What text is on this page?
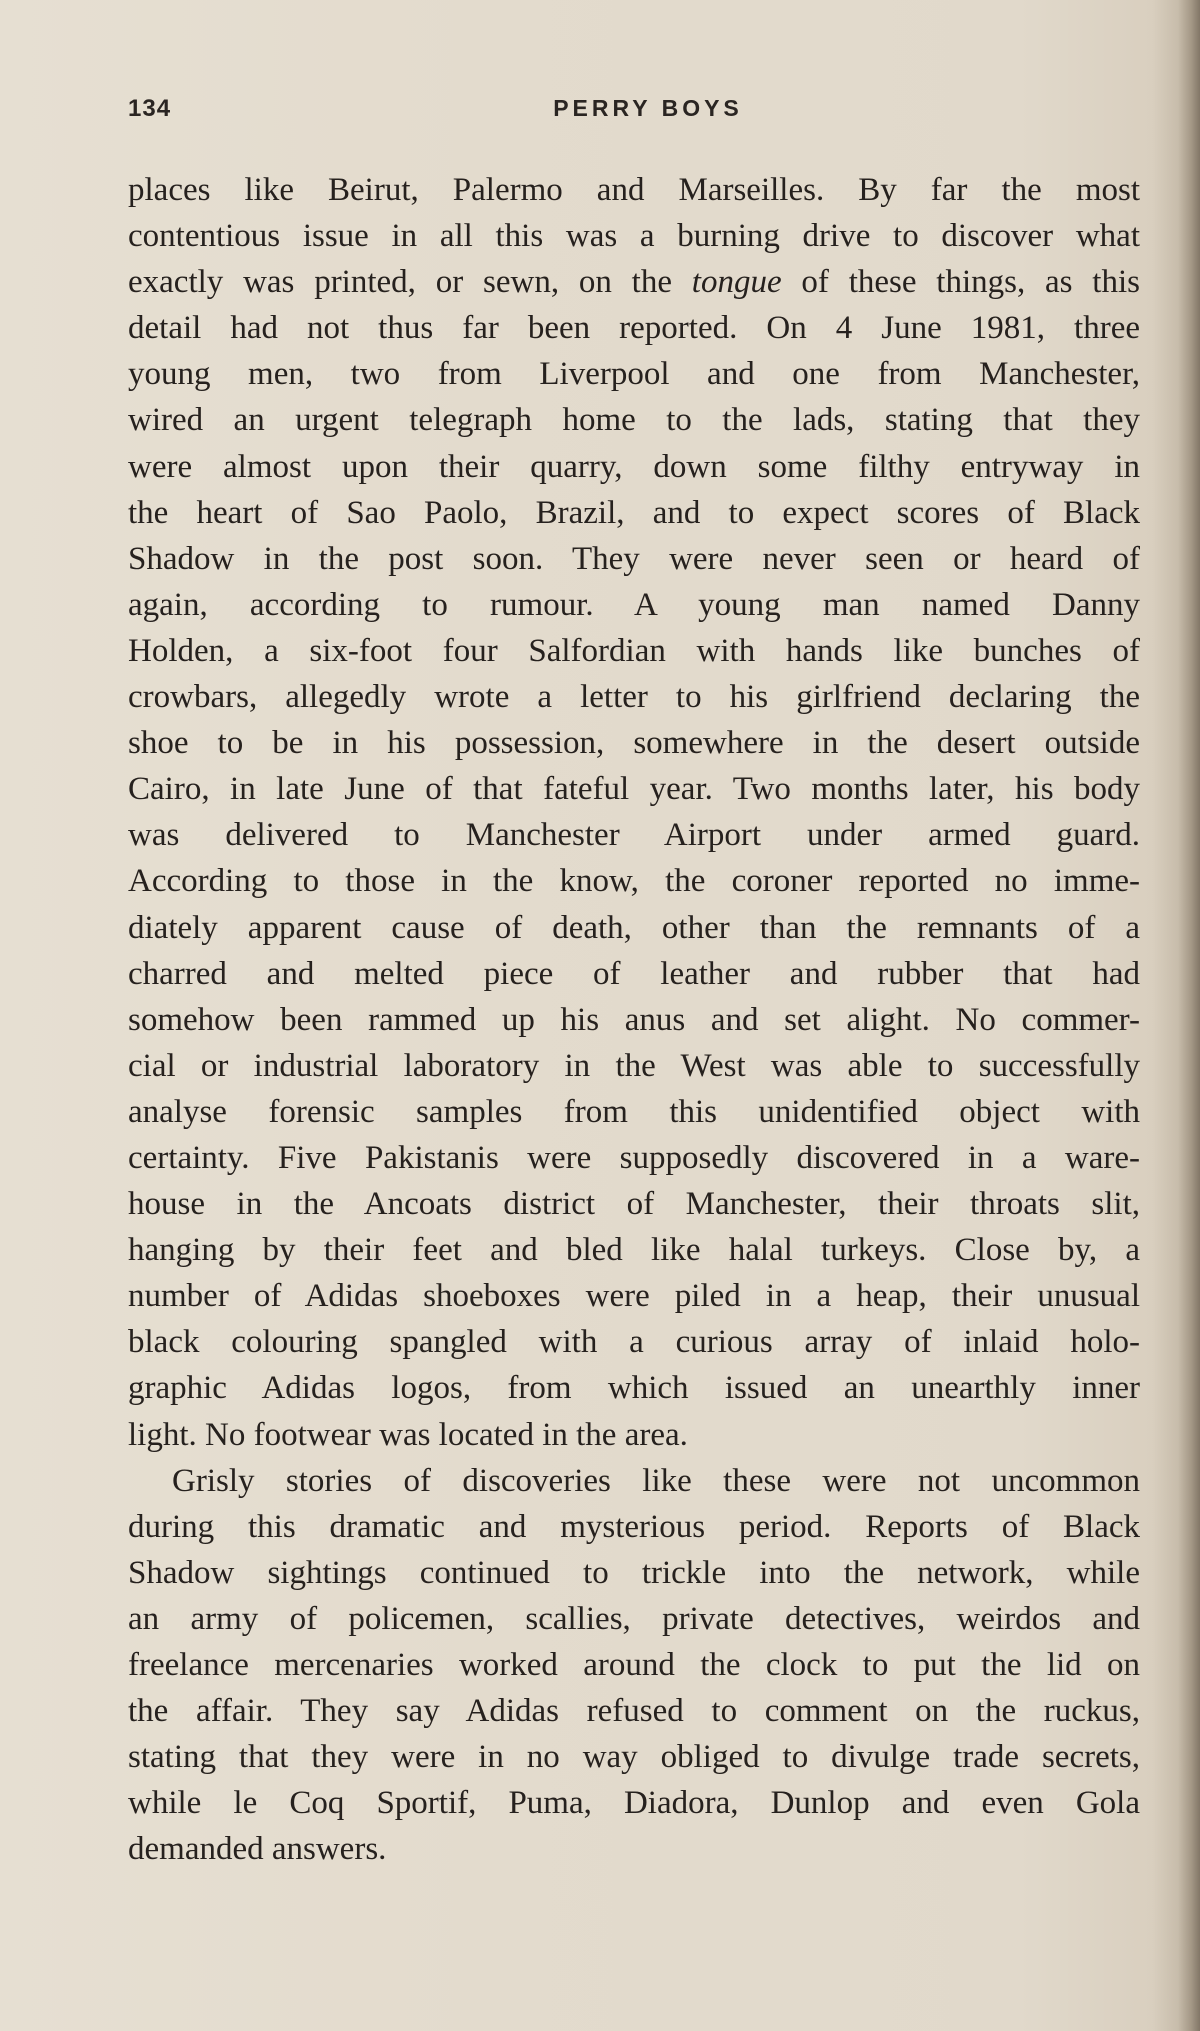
134	PERRY BOYS
places like Beirut, Palermo and Marseilles. By far the most
contentious issue in all this was a burning drive to discover what
exactly was printed, or sewn, on the tongue of these things, as this
detail had not thus far been reported. On 4 June 1981, three
young men, two from Liverpool and one from Manchester,
wired an urgent telegraph home to the lads, stating that they
were almost upon their quarry, down some filthy entryway in
the heart of Sao Paolo, Brazil, and to expect scores of Black
Shadow in the post soon. They were never seen or heard of
again, according to rumour. A young man named Danny
Holden, a six-foot four Salfordian with hands like bunches of
crowbars, allegedly wrote a letter to his girlfriend declaring the
shoe to be in his possession, somewhere in the desert outside
Cairo, in late June of that fateful year. Two months later, his body
was delivered to Manchester Airport under armed guard.
According to those in the know, the coroner reported no imme-
diately apparent cause of death, other than the remnants of a
charred and melted piece of leather and rubber that had
somehow been rammed up his anus and set alight. No commer-
cial or industrial laboratory in the West was able to successfully
analyse forensic samples from this unidentified object with
certainty. Five Pakistanis were supposedly discovered in a ware-
house in the Ancoats district of Manchester, their throats slit,
hanging by their feet and bled like halal turkeys. Close by, a
number of Adidas shoeboxes were piled in a heap, their unusual
black colouring spangled with a curious array of inlaid holo-
graphic Adidas logos, from which issued an unearthly inner
light. No footwear was located in the area.
Grisly stories of discoveries like these were not uncommon
during this dramatic and mysterious period. Reports of Black
Shadow sightings continued to trickle into the network, while
an army of policemen, scallies, private detectives, weirdos and
freelance mercenaries worked around the clock to put the lid on
the affair. They say Adidas refused to comment on the ruckus,
stating that they were in no way obliged to divulge trade secrets,
while le Coq Sportif, Puma, Diadora, Dunlop and even Gola
demanded answers.
